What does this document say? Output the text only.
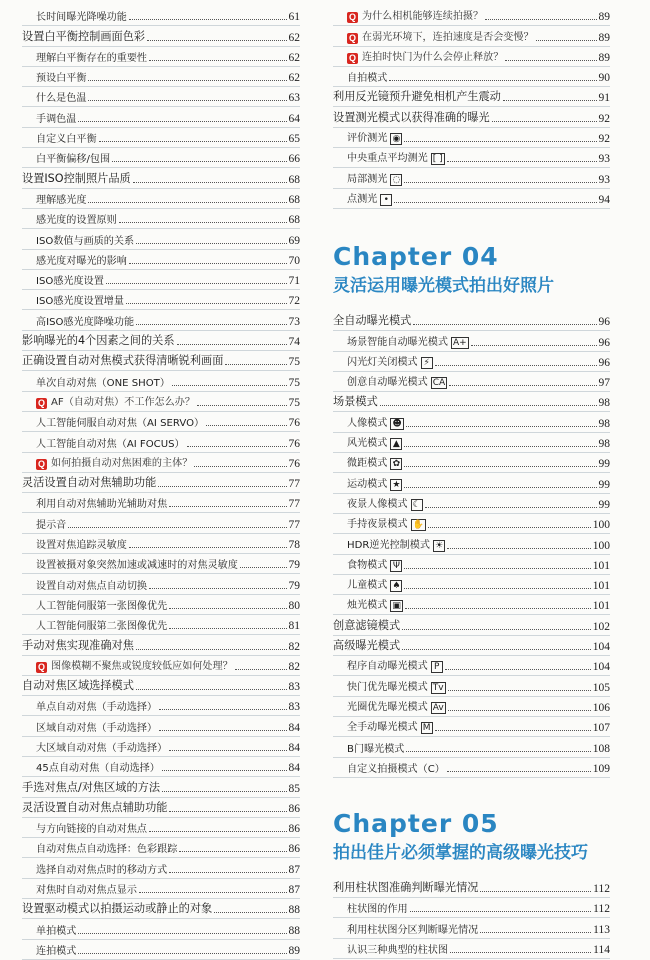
长时间曝光降噪功能	61
设置白平衡控制画面色彩	62
理解白平衡存在的重要性	62
预设白平衡	62
什么是色温	63
手调色温	64
自定义白平衡	65
白平衡偏移/包围	66
设置ISO控制照片品质	68
理解感光度	68
感光度的设置原则	68
ISO数值与画质的关系	69
感光度对曝光的影响	70
ISO感光度设置	71
ISO感光度设置增量	72
高ISO感光度降噪功能	73
影响曝光的4个因素之间的关系	74
正确设置自动对焦模式获得清晰锐利画面	75
单次自动对焦（ONE SHOT）	75
Q AF（自动对焦）不工作怎么办？	75
人工智能伺服自动对焦（AI SERVO）	76
人工智能自动对焦（AI FOCUS）	76
Q 如何拍摄自动对焦困难的主体？	76
灵活设置自动对焦辅助功能	77
利用自动对焦辅助光辅助对焦	77
提示音	77
设置对焦追踪灵敏度	78
设置被摄对象突然加速或减速时的对焦灵敏度	79
设置自动对焦点自动切换	79
人工智能伺服第一张图像优先	80
人工智能伺服第二张图像优先	81
手动对焦实现准确对焦	82
Q 图像模糊不聚焦或锐度较低应如何处理？	82
自动对焦区域选择模式	83
单点自动对焦（手动选择）	83
区域自动对焦（手动选择）	84
大区域自动对焦（手动选择）	84
45点自动对焦（自动选择）	84
手选对焦点/对焦区域的方法	85
灵活设置自动对焦点辅助功能	86
与方向链接的自动对焦点	86
自动对焦点自动选择：色彩跟踪	86
选择自动对焦点时的移动方式	87
对焦时自动对焦点显示	87
设置驱动模式以拍摄运动或静止的对象	88
单拍模式	88
连拍模式	89
Q 为什么相机能够连续拍摄？	89
Q 在弱光环境下，连拍速度是否会变慢？	89
Q 连拍时快门为什么会停止释放？	89
自拍模式	90
利用反光镜预升避免相机产生震动	91
设置测光模式以获得准确的曝光	92
评价测光 ◉	92
中央重点平均测光 [ ]	93
局部测光 ◌	93
点测光 •	94
Chapter 04
灵活运用曝光模式拍出好照片
全自动曝光模式	96
场景智能自动曝光模式 A+	96
闪光灯关闭模式 ⚡	96
创意自动曝光模式 CA	97
场景模式	98
人像模式 ☻	98
风光模式 ▲	98
微距模式 ✿	99
运动模式 ★	99
夜景人像模式 ☾	99
手持夜景模式 ✋	100
HDR逆光控制模式 ☀	100
食物模式 Ψ	101
儿童模式 ♠	101
烛光模式 ▣	101
创意滤镜模式	102
高级曝光模式	104
程序自动曝光模式 P	104
快门优先曝光模式 Tv	105
光圈优先曝光模式 Av	106
全手动曝光模式 M	107
B门曝光模式	108
自定义拍摄模式（C）	109
Chapter 05
拍出佳片必须掌握的高级曝光技巧
利用柱状图准确判断曝光情况	112
柱状图的作用	112
利用柱状图分区判断曝光情况	113
认识三种典型的柱状图	114
